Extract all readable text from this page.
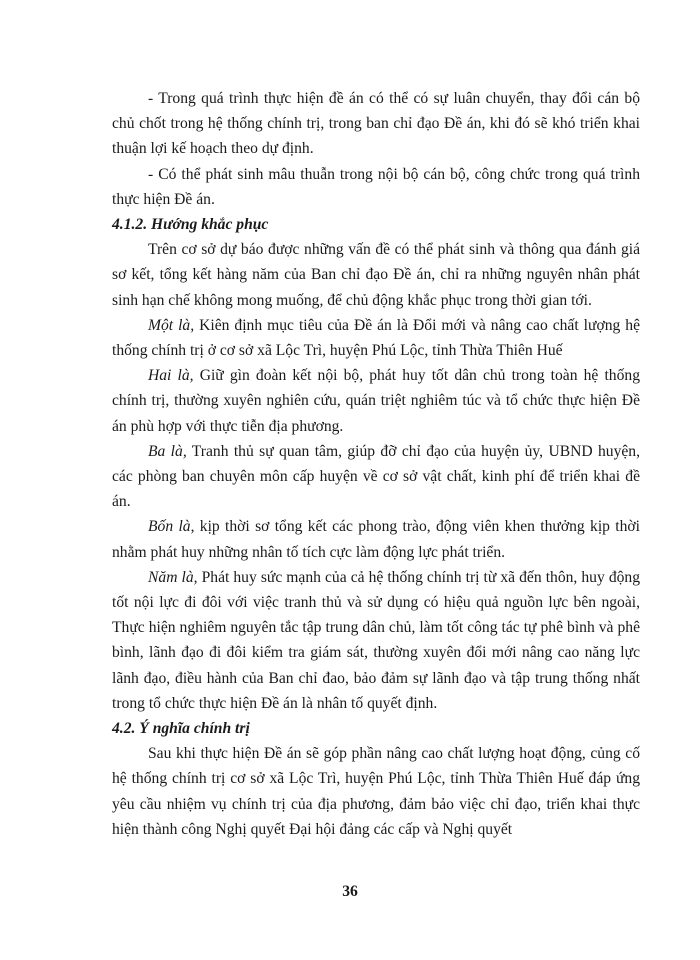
- Trong quá trình thực hiện đề án có thể có sự luân chuyển, thay đổi cán bộ chủ chốt trong hệ thống chính trị, trong ban chỉ đạo Đề án, khi đó sẽ khó triển khai thuận lợi kế hoạch theo dự định.

- Có thể phát sinh mâu thuẫn trong nội bộ cán bộ, công chức trong quá trình thực hiện Đề án.

4.1.2. Hướng khắc phục

Trên cơ sở dự báo được những vấn đề có thể phát sinh và thông qua đánh giá sơ kết, tổng kết hàng năm của Ban chỉ đạo Đề án, chỉ ra những nguyên nhân phát sinh hạn chế không mong muống, để chủ động khắc phục trong thời gian tới.

Một là, Kiên định mục tiêu của Đề án là Đổi mới và nâng cao chất lượng hệ thống chính trị ở cơ sở xã Lộc Trì, huyện Phú Lộc, tỉnh Thừa Thiên Huế

Hai là, Giữ gìn đoàn kết nội bộ, phát huy tốt dân chủ trong toàn hệ thống chính trị, thường xuyên nghiên cứu, quán triệt nghiêm túc và tổ chức thực hiện Đề án phù hợp với thực tiễn địa phương.

Ba là, Tranh thủ sự quan tâm, giúp đỡ chỉ đạo của huyện ủy, UBND huyện, các phòng ban chuyên môn cấp huyện về cơ sở vật chất, kinh phí để triển khai đề án.

Bốn là, kịp thời sơ tổng kết các phong trào, động viên khen thưởng kịp thời nhằm phát huy những nhân tố tích cực làm động lực phát triển.

Năm là, Phát huy sức mạnh của cả hệ thống chính trị từ xã đến thôn, huy động tốt nội lực đi đôi với việc tranh thủ và sử dụng có hiệu quả nguồn lực bên ngoài, Thực hiện nghiêm nguyên tắc tập trung dân chủ, làm tốt công tác tự phê bình và phê bình, lãnh đạo đi đôi kiểm tra giám sát, thường xuyên đổi mới nâng cao năng lực lãnh đạo, điều hành của Ban chỉ đao, bảo đảm sự lãnh đạo và tập trung thống nhất trong tổ chức thực hiện Đề án là nhân tố quyết định.

4.2. Ý nghĩa chính trị

Sau khi thực hiện Đề án sẽ góp phần nâng cao chất lượng hoạt động, củng cố hệ thống chính trị cơ sở xã Lộc Trì, huyện Phú Lộc, tỉnh Thừa Thiên Huế đáp ứng yêu cầu nhiệm vụ chính trị của địa phương, đảm bảo việc chỉ đạo, triển khai thực hiện thành công Nghị quyết Đại hội đảng các cấp và Nghị quyết

36
